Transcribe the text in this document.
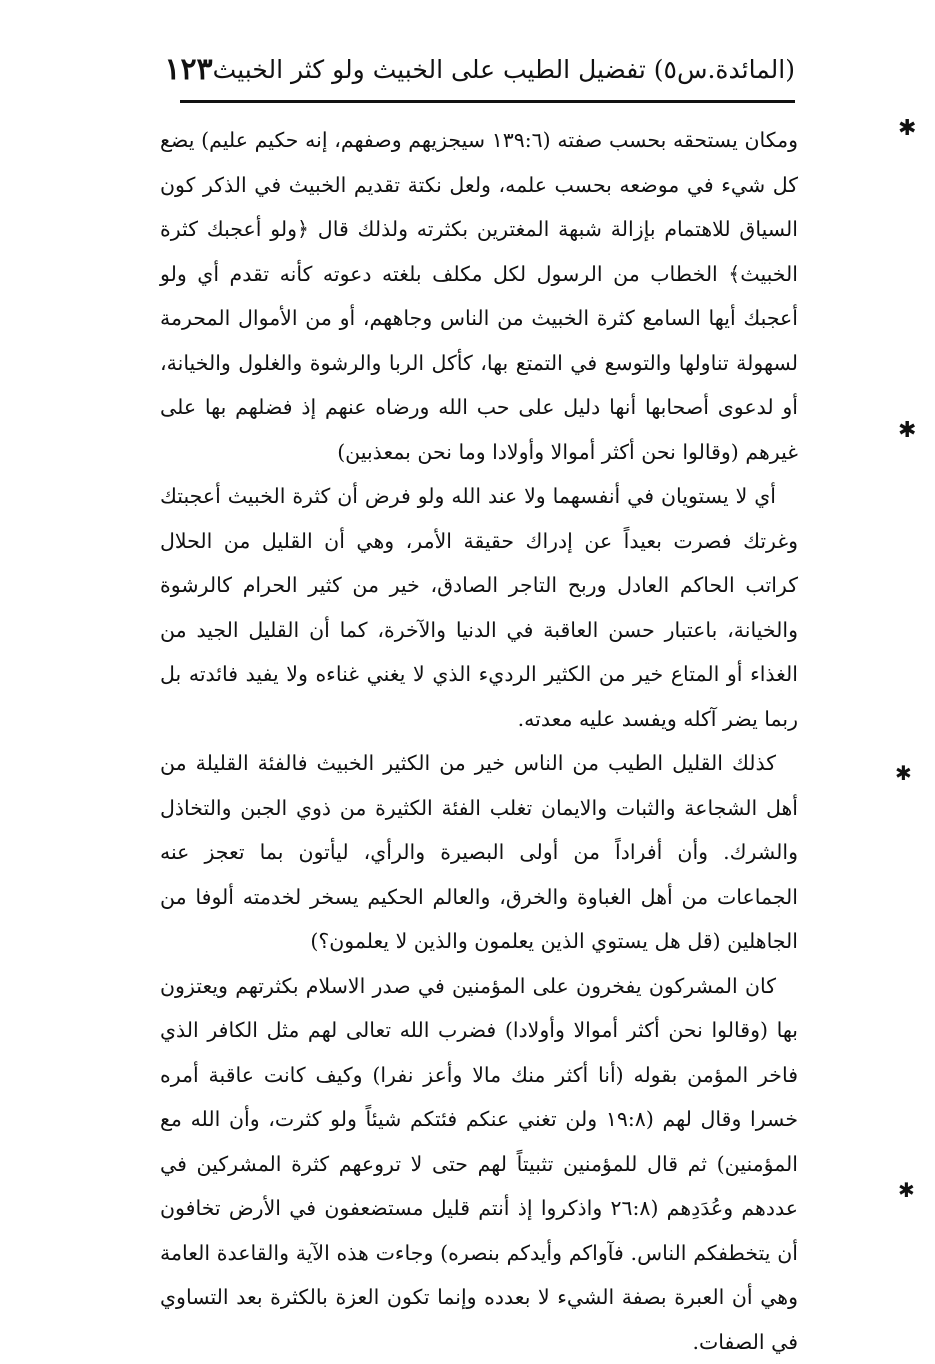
(المائدة.س٥) تفضيل الطيب على الخبيث ولو كثر الخبيث
١٢٣
✱
✱
✱
✱

ومكان يستحقه بحسب صفته (١٣٩:٦ سيجزيهم وصفهم، إنه حكيم عليم) يضع كل شيء في موضعه بحسب علمه، ولعل نكتة تقديم الخبيث في الذكر كون السياق للاهتمام بإزالة شبهة المغترين بكثرته ولذلك قال ﴿ولو أعجبك كثرة الخبيث﴾ الخطاب من الرسول لكل مكلف بلغته دعوته كأنه تقدم أي ولو أعجبك أيها السامع كثرة الخبيث من الناس وجاههم، أو من الأموال المحرمة لسهولة تناولها والتوسع في التمتع بها، كأكل الربا والرشوة والغلول والخيانة، أو لدعوى أصحابها أنها دليل على حب الله ورضاه عنهم إذ فضلهم بها على غيرهم (وقالوا نحن أكثر أموالا وأولادا وما نحن بمعذبين)

أي لا يستويان في أنفسهما ولا عند الله ولو فرض أن كثرة الخبيث أعجبتك وغرتك فصرت بعيداً عن إدراك حقيقة الأمر، وهي أن القليل من الحلال كراتب الحاكم العادل وربح التاجر الصادق، خير من كثير الحرام كالرشوة والخيانة، باعتبار حسن العاقبة في الدنيا والآخرة، كما أن القليل الجيد من الغذاء أو المتاع خير من الكثير الرديء الذي لا يغني غناءه ولا يفيد فائدته بل ربما يضر آكله ويفسد عليه معدته.

كذلك القليل الطيب من الناس خير من الكثير الخبيث فالفئة القليلة من أهل الشجاعة والثبات والايمان تغلب الفئة الكثيرة من ذوي الجبن والتخاذل والشرك. وأن أفراداً من أولى البصيرة والرأي، ليأتون بما تعجز عنه الجماعات من أهل الغباوة والخرق، والعالم الحكيم يسخر لخدمته ألوفا من الجاهلين (قل هل يستوي الذين يعلمون والذين لا يعلمون؟)

كان المشركون يفخرون على المؤمنين في صدر الاسلام بكثرتهم ويعتزون بها (وقالوا نحن أكثر أموالا وأولادا) فضرب الله تعالى لهم مثل الكافر الذي فاخر المؤمن بقوله (أنا أكثر منك مالا وأعز نفرا) وكيف كانت عاقبة أمره خسرا وقال لهم (١٩:٨ ولن تغني عنكم فئتكم شيئاً ولو كثرت، وأن الله مع المؤمنين) ثم قال للمؤمنين تثبيتاً لهم حتى لا تروعهم كثرة المشركين في عددهم وعُدَدِهم (٢٦:٨ واذكروا إذ أنتم قليل مستضعفون في الأرض تخافون أن يتخطفكم الناس. فآواكم وأيدكم بنصره) وجاءت هذه الآية والقاعدة العامة وهي أن العبرة بصفة الشيء لا بعدده وإنما تكون العزة بالكثرة بعد التساوي في الصفات.
